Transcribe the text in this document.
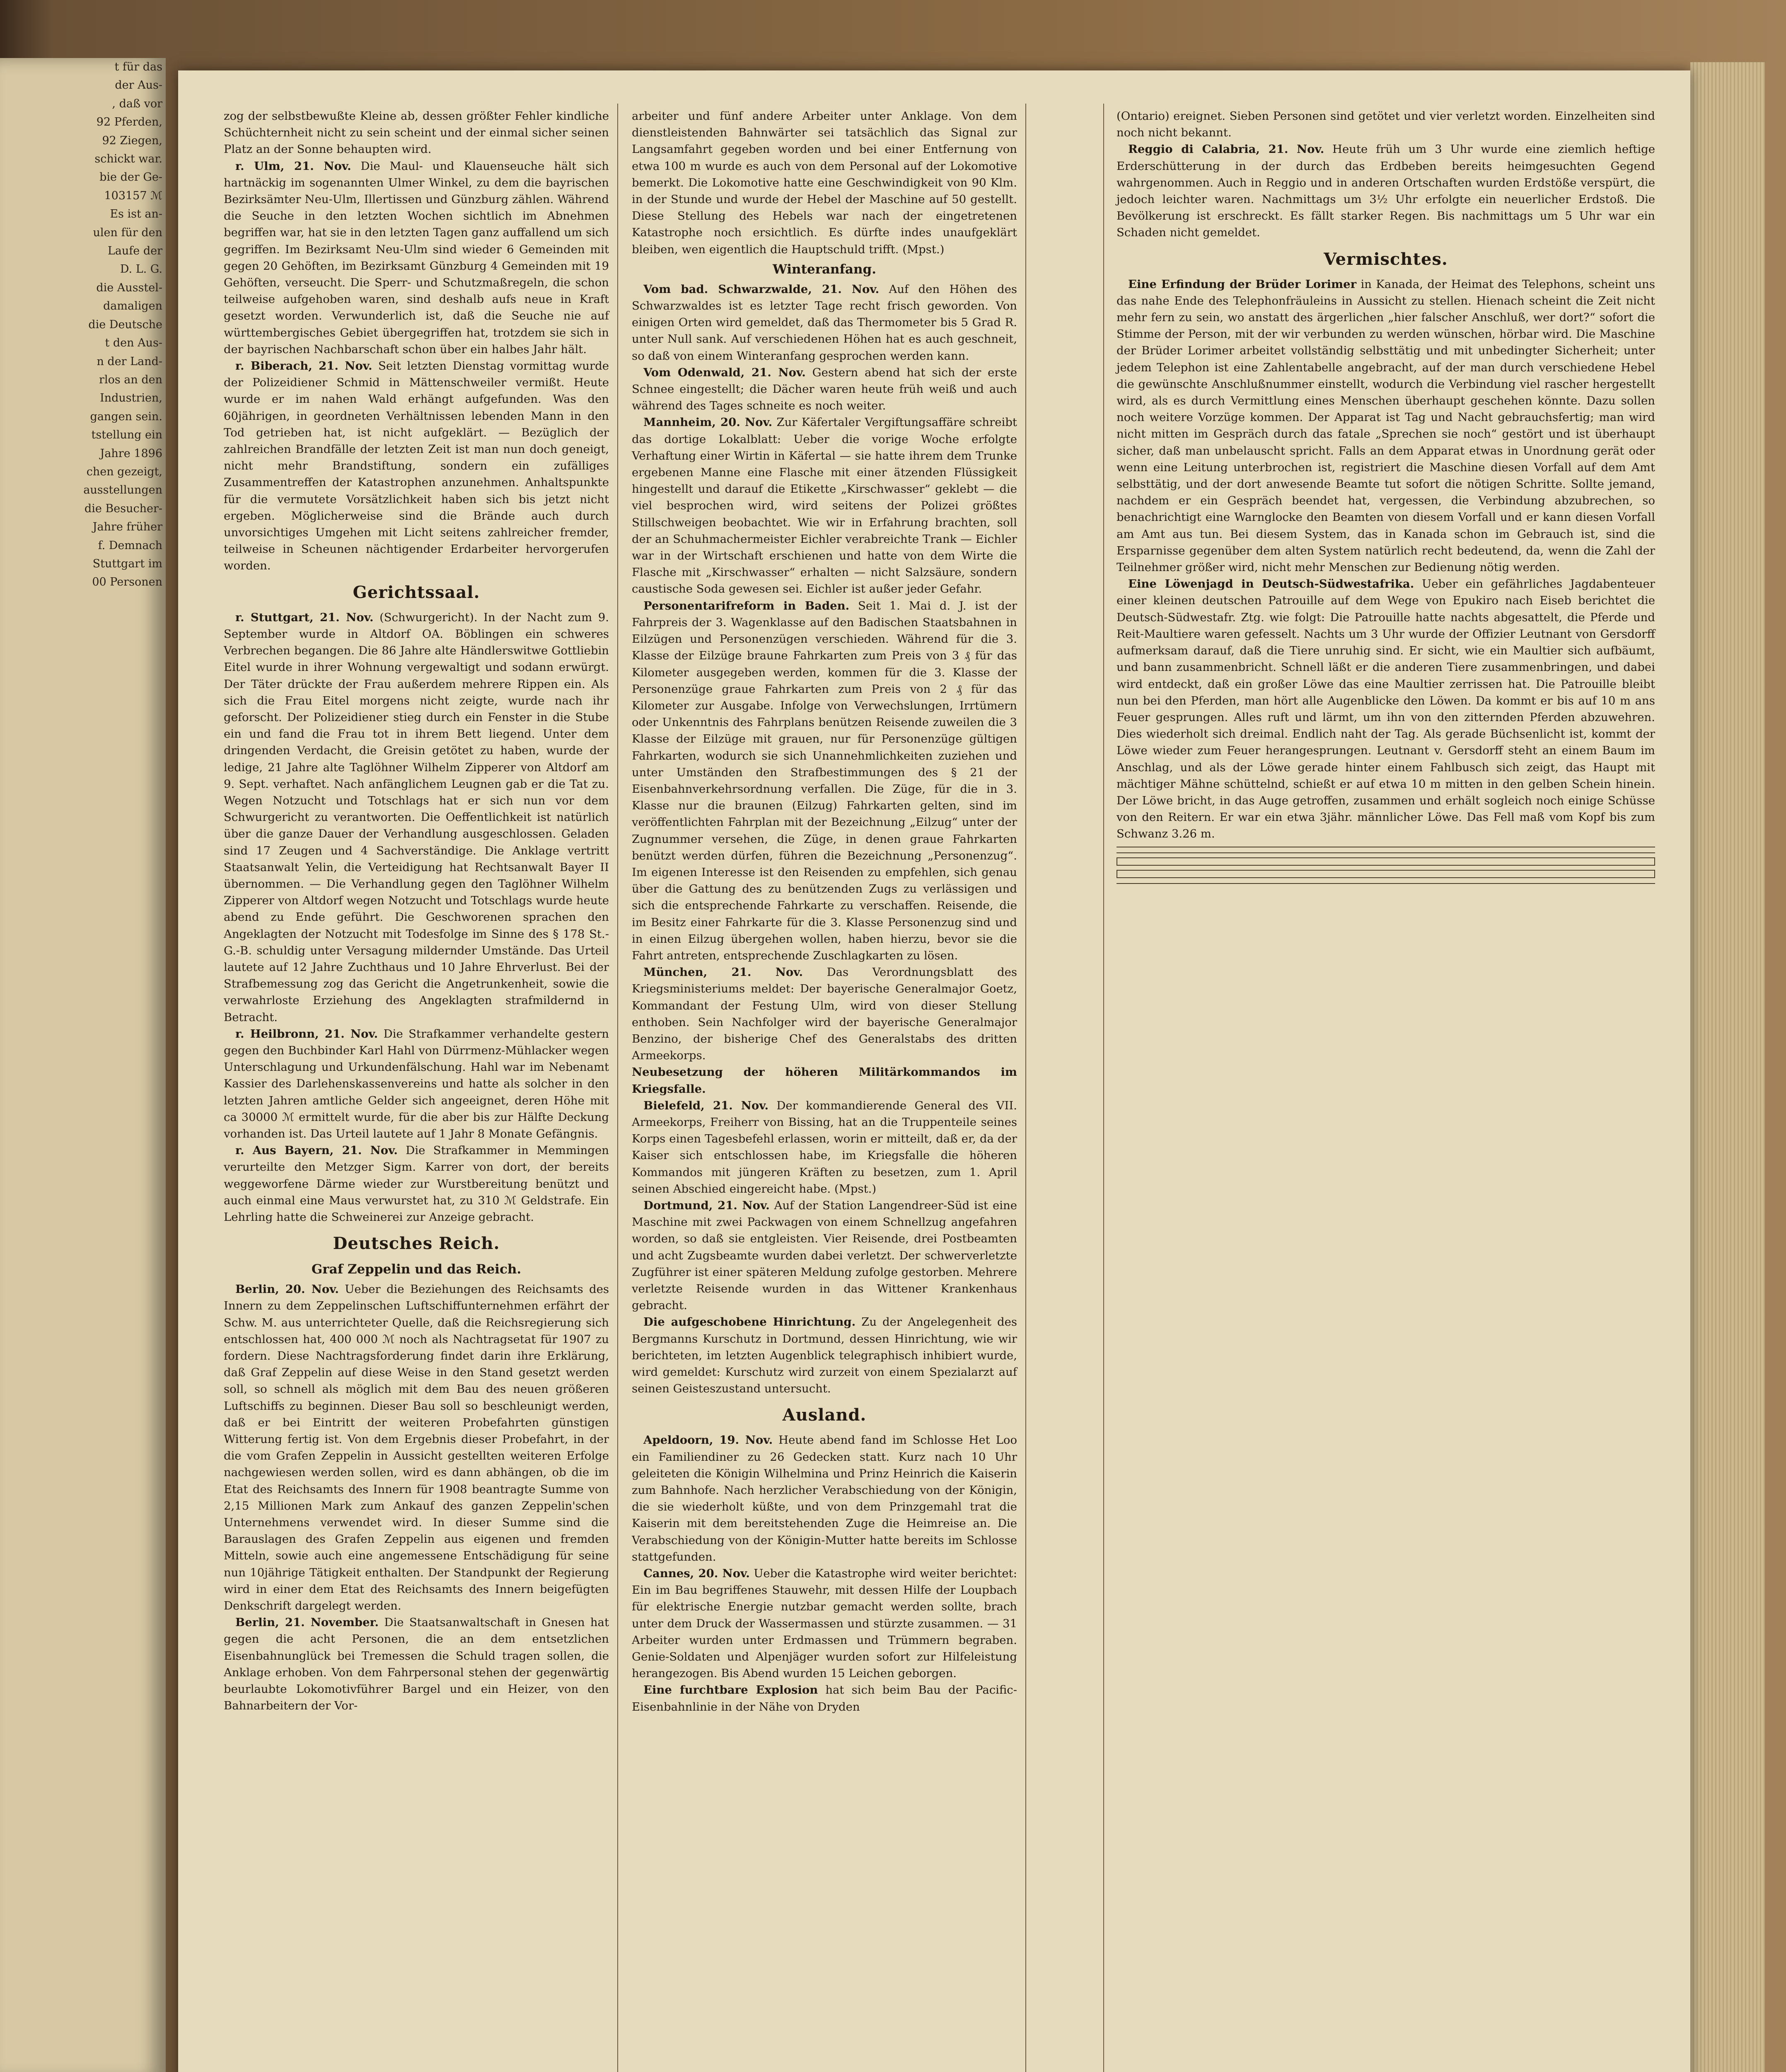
t für das
der Aus-
, daß vor
92 Pferden,
92 Ziegen,
schickt war.
bie der Ge-
103157 ℳ
Es ist an-
ulen für den
Laufe der
D. L. G.
die Ausstel-
damaligen
die Deutsche
t den Aus-
n der Land-
rlos an den
Industrien,
gangen sein.
tstellung ein
Jahre 1896
chen gezeigt,
ausstellungen
die Besucher-
Jahre früher
f. Demnach
Stuttgart im
00 Personen

zog der selbstbewußte Kleine ab, dessen größter Fehler kindliche Schüchternheit nicht zu sein scheint und der einmal sicher seinen Platz an der Sonne behaupten wird.

r. Ulm, 21. Nov. Die Maul- und Klauenseuche hält sich hartnäckig im sogenannten Ulmer Winkel, zu dem die bayrischen Bezirksämter Neu-Ulm, Illertissen und Günzburg zählen. Während die Seuche in den letzten Wochen sichtlich im Abnehmen begriffen war, hat sie in den letzten Tagen ganz auffallend um sich gegriffen. Im Bezirksamt Neu-Ulm sind wieder 6 Gemeinden mit gegen 20 Gehöften, im Bezirksamt Günzburg 4 Gemeinden mit 19 Gehöften, verseucht. Die Sperr- und Schutzmaßregeln, die schon teilweise aufgehoben waren, sind deshalb aufs neue in Kraft gesetzt worden. Verwunderlich ist, daß die Seuche nie auf württembergisches Gebiet übergegriffen hat, trotzdem sie sich in der bayrischen Nachbarschaft schon über ein halbes Jahr hält.

r. Biberach, 21. Nov. Seit letzten Dienstag vormittag wurde der Polizeidiener Schmid in Mättenschweiler vermißt. Heute wurde er im nahen Wald erhängt aufgefunden. Was den 60jährigen, in geordneten Verhältnissen lebenden Mann in den Tod getrieben hat, ist nicht aufgeklärt. — Bezüglich der zahlreichen Brandfälle der letzten Zeit ist man nun doch geneigt, nicht mehr Brandstiftung, sondern ein zufälliges Zusammentreffen der Katastrophen anzunehmen. Anhaltspunkte für die vermutete Vorsätzlichkeit haben sich bis jetzt nicht ergeben. Möglicherweise sind die Brände auch durch unvorsichtiges Umgehen mit Licht seitens zahlreicher fremder, teilweise in Scheunen nächtigender Erdarbeiter hervorgerufen worden.

Gerichtssaal.

r. Stuttgart, 21. Nov. (Schwurgericht). In der Nacht zum 9. September wurde in Altdorf OA. Böblingen ein schweres Verbrechen begangen. Die 86 Jahre alte Händlerswitwe Gottliebin Eitel wurde in ihrer Wohnung vergewaltigt und sodann erwürgt. Der Täter drückte der Frau außerdem mehrere Rippen ein. Als sich die Frau Eitel morgens nicht zeigte, wurde nach ihr geforscht. Der Polizeidiener stieg durch ein Fenster in die Stube ein und fand die Frau tot in ihrem Bett liegend. Unter dem dringenden Verdacht, die Greisin getötet zu haben, wurde der ledige, 21 Jahre alte Taglöhner Wilhelm Zipperer von Altdorf am 9. Sept. verhaftet. Nach anfänglichem Leugnen gab er die Tat zu. Wegen Notzucht und Totschlags hat er sich nun vor dem Schwurgericht zu verantworten. Die Oeffentlichkeit ist natürlich über die ganze Dauer der Verhandlung ausgeschlossen. Geladen sind 17 Zeugen und 4 Sachverständige. Die Anklage vertritt Staatsanwalt Yelin, die Verteidigung hat Rechtsanwalt Bayer II übernommen. — Die Verhandlung gegen den Taglöhner Wilhelm Zipperer von Altdorf wegen Notzucht und Totschlags wurde heute abend zu Ende geführt. Die Geschworenen sprachen den Angeklagten der Notzucht mit Todesfolge im Sinne des § 178 St.-G.-B. schuldig unter Versagung mildernder Umstände. Das Urteil lautete auf 12 Jahre Zuchthaus und 10 Jahre Ehrverlust. Bei der Strafbemessung zog das Gericht die Angetrunkenheit, sowie die verwahrloste Erziehung des Angeklagten strafmildernd in Betracht.

r. Heilbronn, 21. Nov. Die Strafkammer verhandelte gestern gegen den Buchbinder Karl Hahl von Dürrmenz-Mühlacker wegen Unterschlagung und Urkundenfälschung. Hahl war im Nebenamt Kassier des Darlehenskassenvereins und hatte als solcher in den letzten Jahren amtliche Gelder sich angeeignet, deren Höhe mit ca 30000 ℳ ermittelt wurde, für die aber bis zur Hälfte Deckung vorhanden ist. Das Urteil lautete auf 1 Jahr 8 Monate Gefängnis.

r. Aus Bayern, 21. Nov. Die Strafkammer in Memmingen verurteilte den Metzger Sigm. Karrer von dort, der bereits weggeworfene Därme wieder zur Wurstbereitung benützt und auch einmal eine Maus verwurstet hat, zu 310 ℳ Geldstrafe. Ein Lehrling hatte die Schweinerei zur Anzeige gebracht.

Deutsches Reich.
Graf Zeppelin und das Reich.

Berlin, 20. Nov. Ueber die Beziehungen des Reichsamts des Innern zu dem Zeppelinschen Luftschiffunternehmen erfährt der Schw. M. aus unterrichteter Quelle, daß die Reichsregierung sich entschlossen hat, 400 000 ℳ noch als Nachtragsetat für 1907 zu fordern. Diese Nachtragsforderung findet darin ihre Erklärung, daß Graf Zeppelin auf diese Weise in den Stand gesetzt werden soll, so schnell als möglich mit dem Bau des neuen größeren Luftschiffs zu beginnen. Dieser Bau soll so beschleunigt werden, daß er bei Eintritt der weiteren Probefahrten günstigen Witterung fertig ist. Von dem Ergebnis dieser Probefahrt, in der die vom Grafen Zeppelin in Aussicht gestellten weiteren Erfolge nachgewiesen werden sollen, wird es dann abhängen, ob die im Etat des Reichsamts des Innern für 1908 beantragte Summe von 2,15 Millionen Mark zum Ankauf des ganzen Zeppelin'schen Unternehmens verwendet wird. In dieser Summe sind die Barauslagen des Grafen Zeppelin aus eigenen und fremden Mitteln, sowie auch eine angemessene Entschädigung für seine nun 10jährige Tätigkeit enthalten. Der Standpunkt der Regierung wird in einer dem Etat des Reichsamts des Innern beigefügten Denkschrift dargelegt werden.

Berlin, 21. November. Die Staatsanwaltschaft in Gnesen hat gegen die acht Personen, die an dem entsetzlichen Eisenbahnunglück bei Tremessen die Schuld tragen sollen, die Anklage erhoben. Von dem Fahrpersonal stehen der gegenwärtig beurlaubte Lokomotivführer Bargel und ein Heizer, von den Bahnarbeitern der Vor-

arbeiter und fünf andere Arbeiter unter Anklage. Von dem dienstleistenden Bahnwärter sei tatsächlich das Signal zur Langsamfahrt gegeben worden und bei einer Entfernung von etwa 100 m wurde es auch von dem Personal auf der Lokomotive bemerkt. Die Lokomotive hatte eine Geschwindigkeit von 90 Klm. in der Stunde und wurde der Hebel der Maschine auf 50 gestellt. Diese Stellung des Hebels war nach der eingetretenen Katastrophe noch ersichtlich. Es dürfte indes unaufgeklärt bleiben, wen eigentlich die Hauptschuld trifft. (Mpst.)

Winteranfang.

Vom bad. Schwarzwalde, 21. Nov. Auf den Höhen des Schwarzwaldes ist es letzter Tage recht frisch geworden. Von einigen Orten wird gemeldet, daß das Thermometer bis 5 Grad R. unter Null sank. Auf verschiedenen Höhen hat es auch geschneit, so daß von einem Winteranfang gesprochen werden kann.

Vom Odenwald, 21. Nov. Gestern abend hat sich der erste Schnee eingestellt; die Dächer waren heute früh weiß und auch während des Tages schneite es noch weiter.

Mannheim, 20. Nov. Zur Käfertaler Vergiftungsaffäre schreibt das dortige Lokalblatt: Ueber die vorige Woche erfolgte Verhaftung einer Wirtin in Käfertal — sie hatte ihrem dem Trunke ergebenen Manne eine Flasche mit einer ätzenden Flüssigkeit hingestellt und darauf die Etikette „Kirschwasser“ geklebt — die viel besprochen wird, wird seitens der Polizei größtes Stillschweigen beobachtet. Wie wir in Erfahrung brachten, soll der an Schuhmachermeister Eichler verabreichte Trank — Eichler war in der Wirtschaft erschienen und hatte von dem Wirte die Flasche mit „Kirschwasser“ erhalten — nicht Salzsäure, sondern caustische Soda gewesen sei. Eichler ist außer jeder Gefahr.

Personentarifreform in Baden. Seit 1. Mai d. J. ist der Fahrpreis der 3. Wagenklasse auf den Badischen Staatsbahnen in Eilzügen und Personenzügen verschieden. Während für die 3. Klasse der Eilzüge braune Fahrkarten zum Preis von 3 ₰ für das Kilometer ausgegeben werden, kommen für die 3. Klasse der Personenzüge graue Fahrkarten zum Preis von 2 ₰ für das Kilometer zur Ausgabe. Infolge von Verwechslungen, Irrtümern oder Unkenntnis des Fahrplans benützen Reisende zuweilen die 3 Klasse der Eilzüge mit grauen, nur für Personenzüge gültigen Fahrkarten, wodurch sie sich Unannehmlichkeiten zuziehen und unter Umständen den Strafbestimmungen des § 21 der Eisenbahnverkehrsordnung verfallen. Die Züge, für die in 3. Klasse nur die braunen (Eilzug) Fahrkarten gelten, sind im veröffentlichten Fahrplan mit der Bezeichnung „Eilzug“ unter der Zugnummer versehen, die Züge, in denen graue Fahrkarten benützt werden dürfen, führen die Bezeichnung „Personenzug“. Im eigenen Interesse ist den Reisenden zu empfehlen, sich genau über die Gattung des zu benützenden Zugs zu verlässigen und sich die entsprechende Fahrkarte zu verschaffen. Reisende, die im Besitz einer Fahrkarte für die 3. Klasse Personenzug sind und in einen Eilzug übergehen wollen, haben hierzu, bevor sie die Fahrt antreten, entsprechende Zuschlagkarten zu lösen.

München, 21. Nov. Das Verordnungsblatt des Kriegsministeriums meldet: Der bayerische Generalmajor Goetz, Kommandant der Festung Ulm, wird von dieser Stellung enthoben. Sein Nachfolger wird der bayerische Generalmajor Benzino, der bisherige Chef des Generalstabs des dritten Armeekorps.

Neubesetzung der höheren Militärkommandos im Kriegsfalle.

Bielefeld, 21. Nov. Der kommandierende General des VII. Armeekorps, Freiherr von Bissing, hat an die Truppenteile seines Korps einen Tagesbefehl erlassen, worin er mitteilt, daß er, da der Kaiser sich entschlossen habe, im Kriegsfalle die höheren Kommandos mit jüngeren Kräften zu besetzen, zum 1. April seinen Abschied eingereicht habe. (Mpst.)

Dortmund, 21. Nov. Auf der Station Langendreer-Süd ist eine Maschine mit zwei Packwagen von einem Schnellzug angefahren worden, so daß sie entgleisten. Vier Reisende, drei Postbeamten und acht Zugsbeamte wurden dabei verletzt. Der schwerverletzte Zugführer ist einer späteren Meldung zufolge gestorben. Mehrere verletzte Reisende wurden in das Wittener Krankenhaus gebracht.

Die aufgeschobene Hinrichtung. Zu der Angelegenheit des Bergmanns Kurschutz in Dortmund, dessen Hinrichtung, wie wir berichteten, im letzten Augenblick telegraphisch inhibiert wurde, wird gemeldet: Kurschutz wird zurzeit von einem Spezialarzt auf seinen Geisteszustand untersucht.

Ausland.

Apeldoorn, 19. Nov. Heute abend fand im Schlosse Het Loo ein Familiendiner zu 26 Gedecken statt. Kurz nach 10 Uhr geleiteten die Königin Wilhelmina und Prinz Heinrich die Kaiserin zum Bahnhofe. Nach herzlicher Verabschiedung von der Königin, die sie wiederholt küßte, und von dem Prinzgemahl trat die Kaiserin mit dem bereitstehenden Zuge die Heimreise an. Die Verabschiedung von der Königin-Mutter hatte bereits im Schlosse stattgefunden.

Cannes, 20. Nov. Ueber die Katastrophe wird weiter berichtet: Ein im Bau begriffenes Stauwehr, mit dessen Hilfe der Loupbach für elektrische Energie nutzbar gemacht werden sollte, brach unter dem Druck der Wassermassen und stürzte zusammen. — 31 Arbeiter wurden unter Erdmassen und Trümmern begraben. Genie-Soldaten und Alpenjäger wurden sofort zur Hilfeleistung herangezogen. Bis Abend wurden 15 Leichen geborgen.

Eine furchtbare Explosion hat sich beim Bau der Pacific-Eisenbahnlinie in der Nähe von Dryden

(Ontario) ereignet. Sieben Personen sind getötet und vier verletzt worden. Einzelheiten sind noch nicht bekannt.

Reggio di Calabria, 21. Nov. Heute früh um 3 Uhr wurde eine ziemlich heftige Erderschütterung in der durch das Erdbeben bereits heimgesuchten Gegend wahrgenommen. Auch in Reggio und in anderen Ortschaften wurden Erdstöße verspürt, die jedoch leichter waren. Nachmittags um 3½ Uhr erfolgte ein neuerlicher Erdstoß. Die Bevölkerung ist erschreckt. Es fällt starker Regen. Bis nachmittags um 5 Uhr war ein Schaden nicht gemeldet.

Vermischtes.

Eine Erfindung der Brüder Lorimer in Kanada, der Heimat des Telephons, scheint uns das nahe Ende des Telephonfräuleins in Aussicht zu stellen. Hienach scheint die Zeit nicht mehr fern zu sein, wo anstatt des ärgerlichen „hier falscher Anschluß, wer dort?“ sofort die Stimme der Person, mit der wir verbunden zu werden wünschen, hörbar wird. Die Maschine der Brüder Lorimer arbeitet vollständig selbsttätig und mit unbedingter Sicherheit; unter jedem Telephon ist eine Zahlentabelle angebracht, auf der man durch verschiedene Hebel die gewünschte Anschlußnummer einstellt, wodurch die Verbindung viel rascher hergestellt wird, als es durch Vermittlung eines Menschen überhaupt geschehen könnte. Dazu sollen noch weitere Vorzüge kommen. Der Apparat ist Tag und Nacht gebrauchsfertig; man wird nicht mitten im Gespräch durch das fatale „Sprechen sie noch“ gestört und ist überhaupt sicher, daß man unbelauscht spricht. Falls an dem Apparat etwas in Unordnung gerät oder wenn eine Leitung unterbrochen ist, registriert die Maschine diesen Vorfall auf dem Amt selbsttätig, und der dort anwesende Beamte tut sofort die nötigen Schritte. Sollte jemand, nachdem er ein Gespräch beendet hat, vergessen, die Verbindung abzubrechen, so benachrichtigt eine Warnglocke den Beamten von diesem Vorfall und er kann diesen Vorfall am Amt aus tun. Bei diesem System, das in Kanada schon im Gebrauch ist, sind die Ersparnisse gegenüber dem alten System natürlich recht bedeutend, da, wenn die Zahl der Teilnehmer größer wird, nicht mehr Menschen zur Bedienung nötig werden.

Eine Löwenjagd in Deutsch-Südwestafrika. Ueber ein gefährliches Jagdabenteuer einer kleinen deutschen Patrouille auf dem Wege von Epukiro nach Eiseb berichtet die Deutsch-Südwestafr. Ztg. wie folgt: Die Patrouille hatte nachts abgesattelt, die Pferde und Reit-Maultiere waren gefesselt. Nachts um 3 Uhr wurde der Offizier Leutnant von Gersdorff aufmerksam darauf, daß die Tiere unruhig sind. Er sicht, wie ein Maultier sich aufbäumt, und bann zusammenbricht. Schnell läßt er die anderen Tiere zusammenbringen, und dabei wird entdeckt, daß ein großer Löwe das eine Maultier zerrissen hat. Die Patrouille bleibt nun bei den Pferden, man hört alle Augenblicke den Löwen. Da kommt er bis auf 10 m ans Feuer gesprungen. Alles ruft und lärmt, um ihn von den zitternden Pferden abzuwehren. Dies wiederholt sich dreimal. Endlich naht der Tag. Als gerade Büchsenlicht ist, kommt der Löwe wieder zum Feuer herangesprungen. Leutnant v. Gersdorff steht an einem Baum im Anschlag, und als der Löwe gerade hinter einem Fahlbusch sich zeigt, das Haupt mit mächtiger Mähne schüttelnd, schießt er auf etwa 10 m mitten in den gelben Schein hinein. Der Löwe bricht, in das Auge getroffen, zusammen und erhält sogleich noch einige Schüsse von den Reitern. Er war ein etwa 3jähr. männlicher Löwe. Das Fell maß vom Kopf bis zum Schwanz 3.26 m.
